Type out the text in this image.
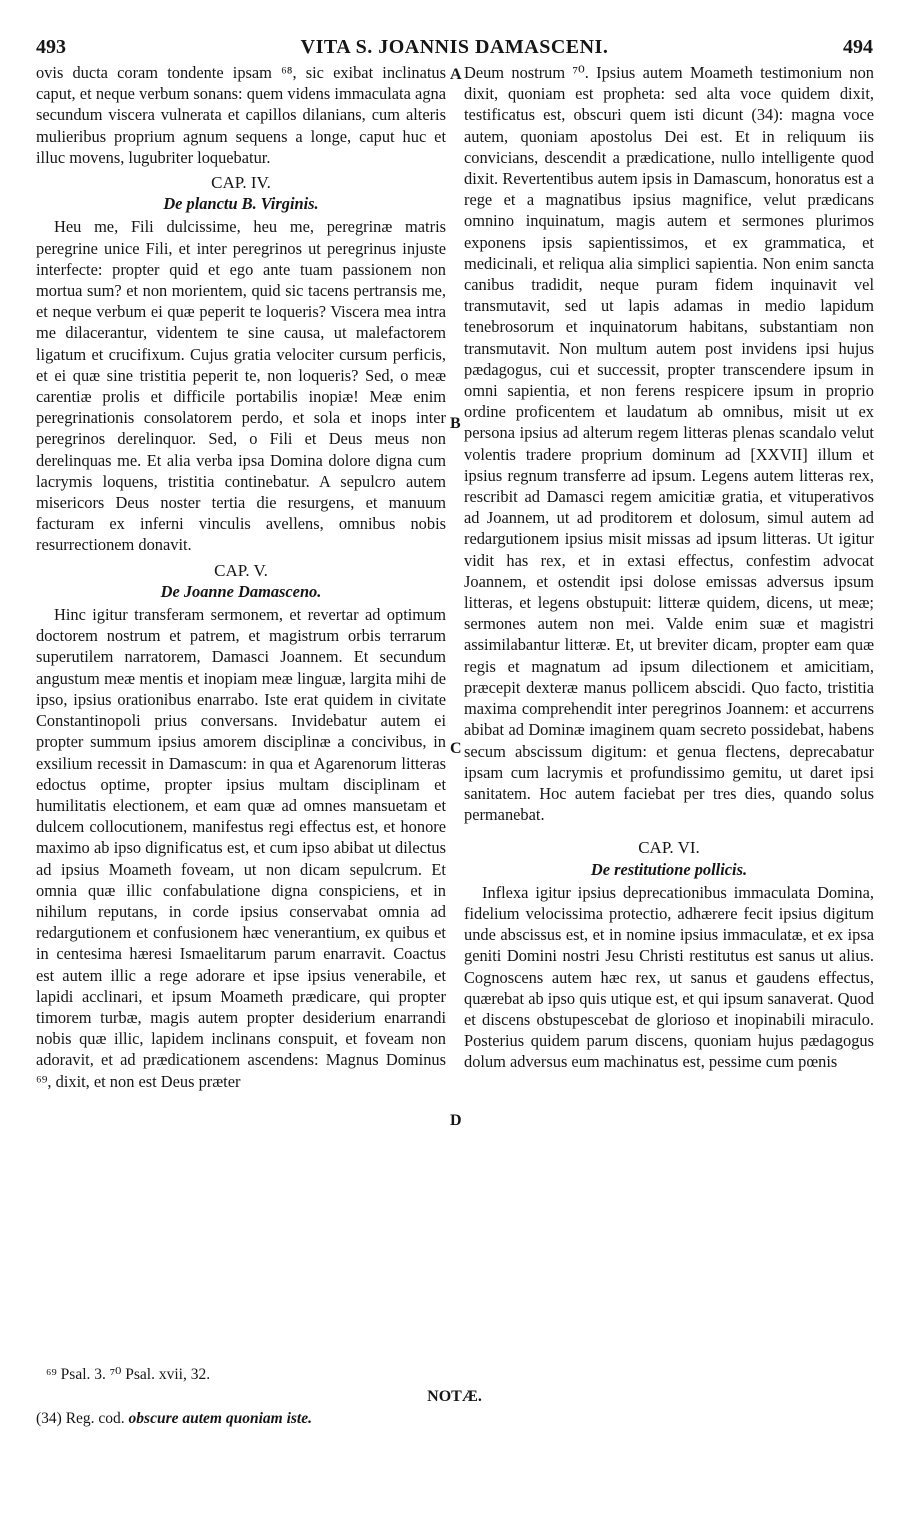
493	VITA S. JOANNIS DAMASCENI.	494

ovis ducta coram tondente ipsam ⁶⁸, sic exibat inclinatus caput, et neque verbum sonans: quem videns immaculata agna secundum viscera vulnerata et capillos dilanians, cum alteris mulieribus proprium agnum sequens a longe, caput huc et illuc movens, lugubriter loquebatur.

CAP. IV.
De planctu B. Virginis.

Heu me, Fili dulcissime, heu me, peregrinæ matris peregrine unice Fili, et inter peregrinos ut peregrinus injuste interfecte: propter quid et ego ante tuam passionem non mortua sum? et non morientem, quid sic tacens pertransis me, et neque verbum ei quæ peperit te loqueris? Viscera mea intra me dilacerantur, videntem te sine causa, ut malefactorem ligatum et crucifixum. Cujus gratia velociter cursum perficis, et ei quæ sine tristitia peperit te, non loqueris? Sed, o meæ carentiæ prolis et difficile portabilis inopiæ! Meæ enim peregrinationis consolatorem perdo, et sola et inops inter peregrinos derelinquor. Sed, o Fili et Deus meus non derelinquas me. Et alia verba ipsa Domina dolore digna cum lacrymis loquens, tristitia continebatur. A sepulcro autem misericors Deus noster tertia die resurgens, et manuum facturam ex inferni vinculis avellens, omnibus nobis resurrectionem donavit.

CAP. V.
De Joanne Damasceno.

Hinc igitur transferam sermonem, et revertar ad optimum doctorem nostrum et patrem, et magistrum orbis terrarum superutilem narratorem, Damasci Joannem. Et secundum angustum meæ mentis et inopiam meæ linguæ, largita mihi de ipso, ipsius orationibus enarrabo. Iste erat quidem in civitate Constantinopoli prius conversans. Invidebatur autem ei propter summum ipsius amorem disciplinæ a concivibus, in exsilium recessit in Damascum: in qua et Agarenorum litteras edoctus optime, propter ipsius multam disciplinam et humilitatis electionem, et eam quæ ad omnes mansuetam et dulcem collocutionem, manifestus regi effectus est, et honore maximo ab ipso dignificatus est, et cum ipso abibat ut dilectus ad ipsius Moameth foveam, ut non dicam sepulcrum. Et omnia quæ illic confabulatione digna conspiciens, et in nihilum reputans, in corde ipsius conservabat omnia ad redargutionem et confusionem hæc venerantium, ex quibus et in centesima hæresi Ismaelitarum parum enarravit. Coactus est autem illic a rege adorare et ipse ipsius venerabile, et lapidi acclinari, et ipsum Moameth prædicare, qui propter timorem turbæ, magis autem propter desiderium enarrandi nobis quæ illic, lapidem inclinans conspuit, et foveam non adoravit, et ad prædicationem ascendens: Magnus Dominus ⁶⁹, dixit, et non est Deus præter

Deum nostrum ⁷⁰. Ipsius autem Moameth testimonium non dixit, quoniam est propheta: sed alta voce quidem dixit, testificatus est, obscuri quem isti dicunt (34): magna voce autem, quoniam apostolus Dei est. Et in reliquum iis convicians, descendit a prædicatione, nullo intelligente quod dixit. Revertentibus autem ipsis in Damascum, honoratus est a rege et a magnatibus ipsius magnifice, velut prædicans omnino inquinatum, magis autem et sermones plurimos exponens ipsis sapientissimos, et ex grammatica, et medicinali, et reliqua alia simplici sapientia. Non enim sancta canibus tradidit, neque puram fidem inquinavit vel transmutavit, sed ut lapis adamas in medio lapidum tenebrosorum et inquinatorum habitans, substantiam non transmutavit. Non multum autem post invidens ipsi hujus pædagogus, cui et successit, propter transcendere ipsum in omni sapientia, et non ferens respicere ipsum in proprio ordine proficentem et laudatum ab omnibus, misit ut ex persona ipsius ad alterum regem litteras plenas scandalo velut volentis tradere proprium dominum ad [XXVII] illum et ipsius regnum transferre ad ipsum. Legens autem litteras rex, rescribit ad Damasci regem amicitiæ gratia, et vituperativos ad Joannem, ut ad proditorem et dolosum, simul autem ad redargutionem ipsius misit missas ad ipsum litteras. Ut igitur vidit has rex, et in extasi effectus, confestim advocat Joannem, et ostendit ipsi dolose emissas adversus ipsum litteras, et legens obstupuit: litteræ quidem, dicens, ut meæ; sermones autem non mei. Valde enim suæ et magistri assimilabantur litteræ. Et, ut breviter dicam, propter eam quæ regis et magnatum ad ipsum dilectionem et amicitiam, præcepit dexteræ manus pollicem abscidi. Quo facto, tristitia maxima comprehendit inter peregrinos Joannem: et accurrens abibat ad Dominæ imaginem quam secreto possidebat, habens secum abscissum digitum: et genua flectens, deprecabatur ipsam cum lacrymis et profundissimo gemitu, ut daret ipsi sanitatem. Hoc autem faciebat per tres dies, quando solus permanebat.

CAP. VI.
De restitutione pollicis.

Inflexa igitur ipsius deprecationibus immaculata Domina, fidelium velocissima protectio, adhærere fecit ipsius digitum unde abscissus est, et in nomine ipsius immaculatæ, et ex ipsa geniti Domini nostri Jesu Christi restitutus est sanus ut alius. Cognoscens autem hæc rex, ut sanus et gaudens effectus, quærebat ab ipso quis utique est, et qui ipsum sanaverat. Quod et discens obstupescebat de glorioso et inopinabili miraculo. Posterius quidem parum discens, quoniam hujus pædagogus dolum adversus eum machinatus est, pessime cum pœnis

A
B
C
D
⁶⁹ Psal. 3. ⁷⁰ Psal. xvii, 32.
NOTÆ.
(34) Reg. cod. obscure autem quoniam iste.
